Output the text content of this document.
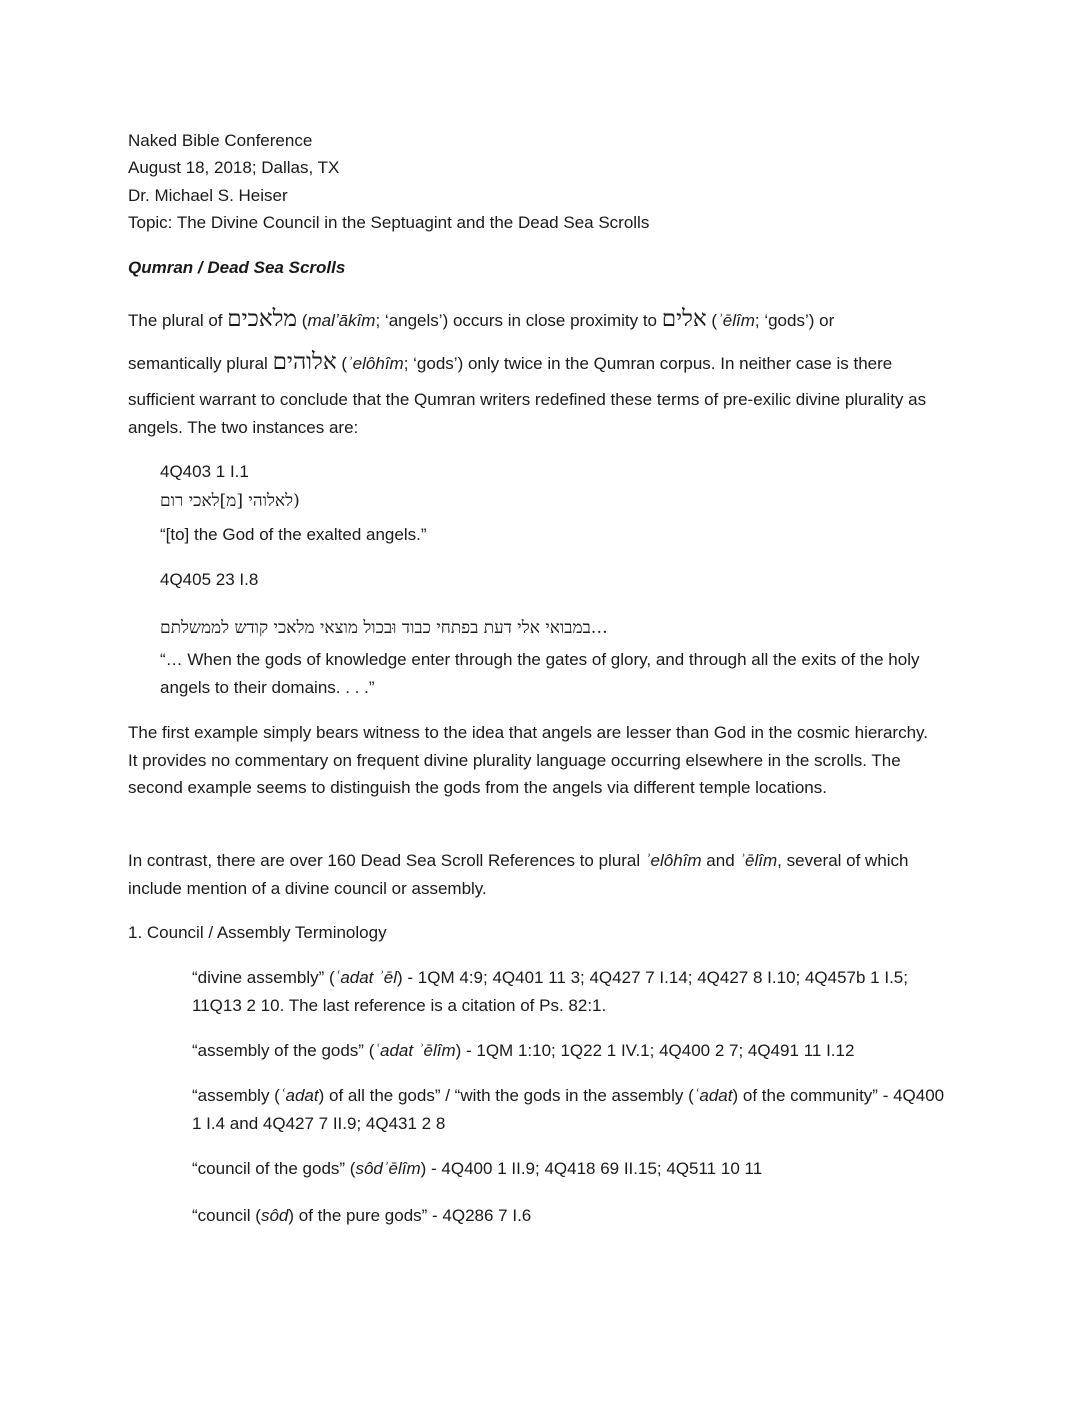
Naked Bible Conference
August 18, 2018; Dallas, TX
Dr. Michael S. Heiser
Topic: The Divine Council in the Septuagint and the Dead Sea Scrolls
Qumran / Dead Sea Scrolls
The plural of מלאכים (malʼākîm; ‘angels’) occurs in close proximity to אלים (ʾēlîm; ‘gods’) or
semantically plural אלוהים (ʾelôhîm; ‘gods’) only twice in the Qumran corpus. In neither case is there
sufficient warrant to conclude that the Qumran writers redefined these terms of pre-exilic divine plurality as angels. The two instances are:
4Q403 1 I.1
(לאלוהי [מ]לאכי רום
“[to] the God of the exalted angels.”
4Q405 23 I.8
…במבואי אלי דעת בפתחי כבוד וּבכול מוצאי מלאכי קודש לממשלתם
“… When the gods of knowledge enter through the gates of glory, and through all the exits of the holy angels to their domains. . . .”
The first example simply bears witness to the idea that angels are lesser than God in the cosmic hierarchy. It provides no commentary on frequent divine plurality language occurring elsewhere in the scrolls. The second example seems to distinguish the gods from the angels via different temple locations.
In contrast, there are over 160 Dead Sea Scroll References to plural ʾelôhîm and ʾēlîm, several of which include mention of a divine council or assembly.
1. Council / Assembly Terminology
“divine assembly” (ʿadat ʾēl) - 1QM 4:9; 4Q401 11 3; 4Q427 7 I.14; 4Q427 8 I.10; 4Q457b 1 I.5; 11Q13 2 10. The last reference is a citation of Ps. 82:1.
“assembly of the gods” (ʿadat ʾēlîm) - 1QM 1:10; 1Q22 1 IV.1; 4Q400 2 7; 4Q491 11 I.12
“assembly (ʿadat) of all the gods” / “with the gods in the assembly (ʿadat) of the community” - 4Q400 1 I.4 and 4Q427 7 II.9; 4Q431 2 8
“council of the gods” (sôdʾēlîm) - 4Q400 1 II.9; 4Q418 69 II.15; 4Q511 10 11
“council (sôd) of the pure gods” - 4Q286 7 I.6
